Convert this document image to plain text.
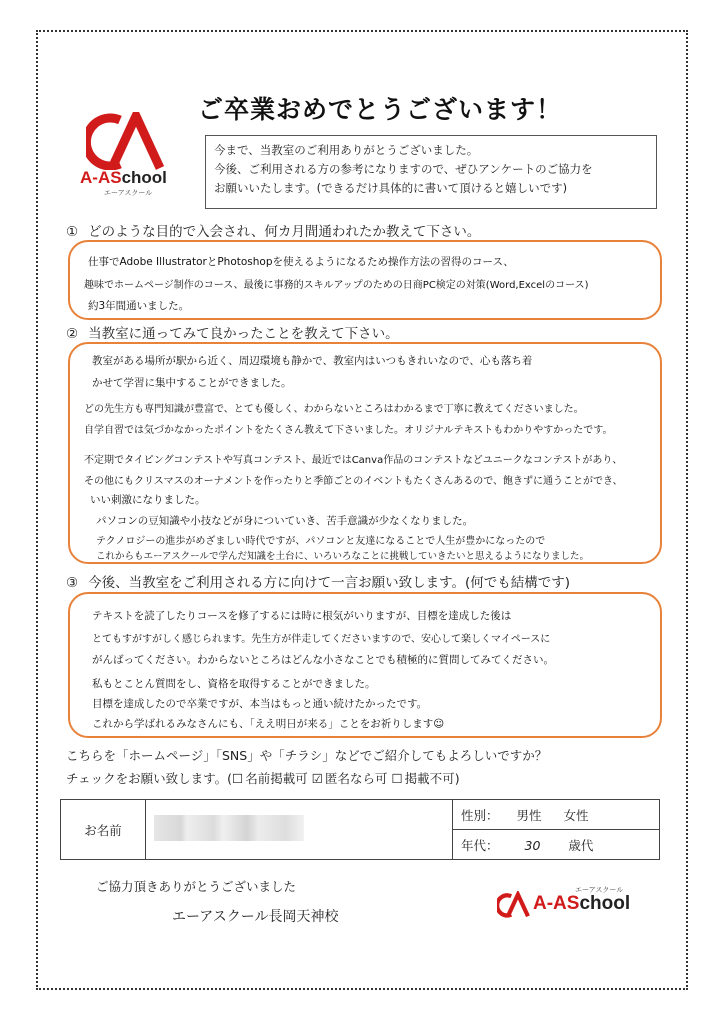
A-ASchool
エーアスクール
ご卒業おめでとうございます！
今まで、当教室のご利用ありがとうございました。
今後、ご利用される方の参考になりますので、ぜひアンケートのご協力を
お願いいたします。(できるだけ具体的に書いて頂けると嬉しいです)
① どのような目的で入会され、何カ月間通われたか教えて下さい。
仕事でAdobe IllustratorとPhotoshopを使えるようになるため操作方法の習得のコース、
趣味でホームページ制作のコース、最後に事務的スキルアップのための日商PC検定の対策(Word,Excelのコース)
約3年間通いました。
② 当教室に通ってみて良かったことを教えて下さい。
教室がある場所が駅から近く、周辺環境も静かで、教室内はいつもきれいなので、心も落ち着
かせて学習に集中することができました。
どの先生方も専門知識が豊富で、とても優しく、わからないところはわかるまで丁寧に教えてくださいました。
自学自習では気づかなかったポイントをたくさん教えて下さいました。オリジナルテキストもわかりやすかったです。
不定期でタイピングコンテストや写真コンテスト、最近ではCanva作品のコンテストなどユニークなコンテストがあり、
その他にもクリスマスのオーナメントを作ったりと季節ごとのイベントもたくさんあるので、飽きずに通うことができ、
いい刺激になりました。
パソコンの豆知識や小技などが身についていき、苦手意識が少なくなりました。
テクノロジーの進歩がめざましい時代ですが、パソコンと友達になることで人生が豊かになったので
これからもエーアスクールで学んだ知識を土台に、いろいろなことに挑戦していきたいと思えるようになりました。
③ 今後、当教室をご利用される方に向けて一言お願い致します。(何でも結構です)
テキストを読了したりコースを修了するには時に根気がいりますが、目標を達成した後は
とてもすがすがしく感じられます。先生方が伴走してくださいますので、安心して楽しくマイペースに
がんばってください。わからないところはどんな小さなことでも積極的に質問してみてください。
私もとことん質問をし、資格を取得することができました。
目標を達成したので卒業ですが、本当はもっと通い続けたかったです。
これから学ばれるみなさんにも、「ええ明日が来る」ことをお祈りします☺
こちらを「ホームページ」「SNS」や「チラシ」などでご紹介してもよろしいですか？
チェックをお願い致します。(☐ 名前掲載可 ☑ 匿名なら可 ☐ 掲載不可)
お名前		性別： 男性 女性
年代： 30 歳代
ご協力頂きありがとうございました
エーアスクール長岡天神校
エーアスクール
A-ASchool
